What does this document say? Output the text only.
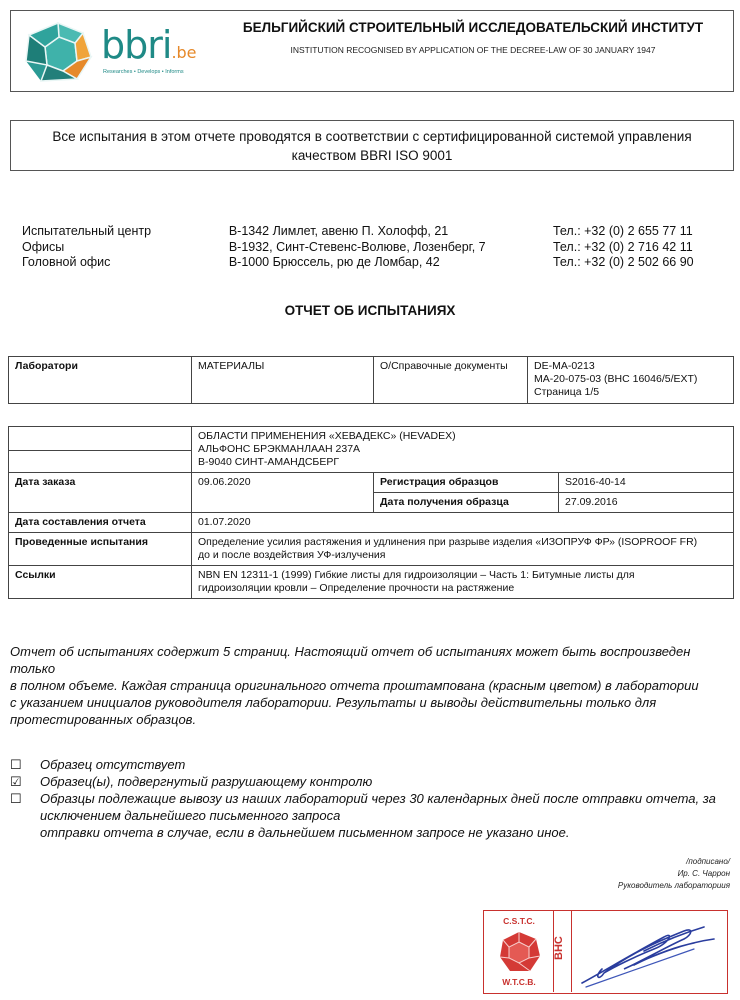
bbri.be
Researches • Develops • Informs
БЕЛЬГИЙСКИЙ СТРОИТЕЛЬНЫЙ ИССЛЕДОВАТЕЛЬСКИЙ ИНСТИТУТ
INSTITUTION RECOGNISED BY APPLICATION OF THE DECREE-LAW OF 30 JANUARY 1947
Все испытания в этом отчете проводятся в соответствии с сертифицированной системой управления
качеством BBRI ISO 9001
Испытательный центр	B-1342 Лимлет, авеню П. Холофф, 21	Тел.: +32 (0) 2 655 77 11
Офисы	B-1932, Синт-Стевенс-Волюве, Лозенберг, 7	Тел.: +32 (0) 2 716 42 11
Головной офис	B-1000 Брюссель, рю де Ломбар, 42	Тел.: +32 (0) 2 502 66 90
ОТЧЕТ ОБ ИСПЫТАНИЯХ
Лаборатори	МАТЕРИАЛЫ	О/Справочные документы	DE-MA-0213
MA-20-075-03 (BHC 16046/5/EXT)
Страница 1/5

	ОБЛАСТИ ПРИМЕНЕНИЯ «ХЕВАДЕКС» (HEVADEX)
АЛЬФОНС БРЭКМАНЛААН 237A
B-9040 СИНТ-АМАНДСБЕРГ		

Дата заказа	09.06.2020	Регистрация образцов	S2016-40-14
		Дата получения образца	27.09.2016
Дата составления отчета	01.07.2020		
Проведенные испытания	Определение усилия растяжения и удлинения при разрыве изделия «ИЗОПРУФ ФР» (ISOPROOF FR)
до и после воздействия УФ-излучения		

Ссылки	NBN EN 12311-1 (1999) Гибкие листы для гидроизоляции – Часть 1: Битумные листы для
гидроизоляции кровли – Определение прочности на растяжение		
Отчет об испытаниях содержит 5 страниц. Настоящий отчет об испытаниях может быть воспроизведен только
в полном объеме. Каждая страница оригинального отчета проштампована (красным цветом) в лаборатории
с указанием инициалов руководителя лаборатории. Результаты и выводы действительны только для
протестированных образцов.
☐	Образец отсутствует
☑	Образец(ы), подвергнутый разрушающему контролю
☐	Образцы подлежащие вывозу из наших лабораторий через 30 календарных дней после отправки отчета, за
исключением дальнейшего письменного запроса
отправки отчета в случае, если в дальнейшем письменном запросе не указано иное.
/подписано/
Ир. С. Чаррон
Руководитель лабораториия
C.S.T.C.
W.T.C.B.
BHC
